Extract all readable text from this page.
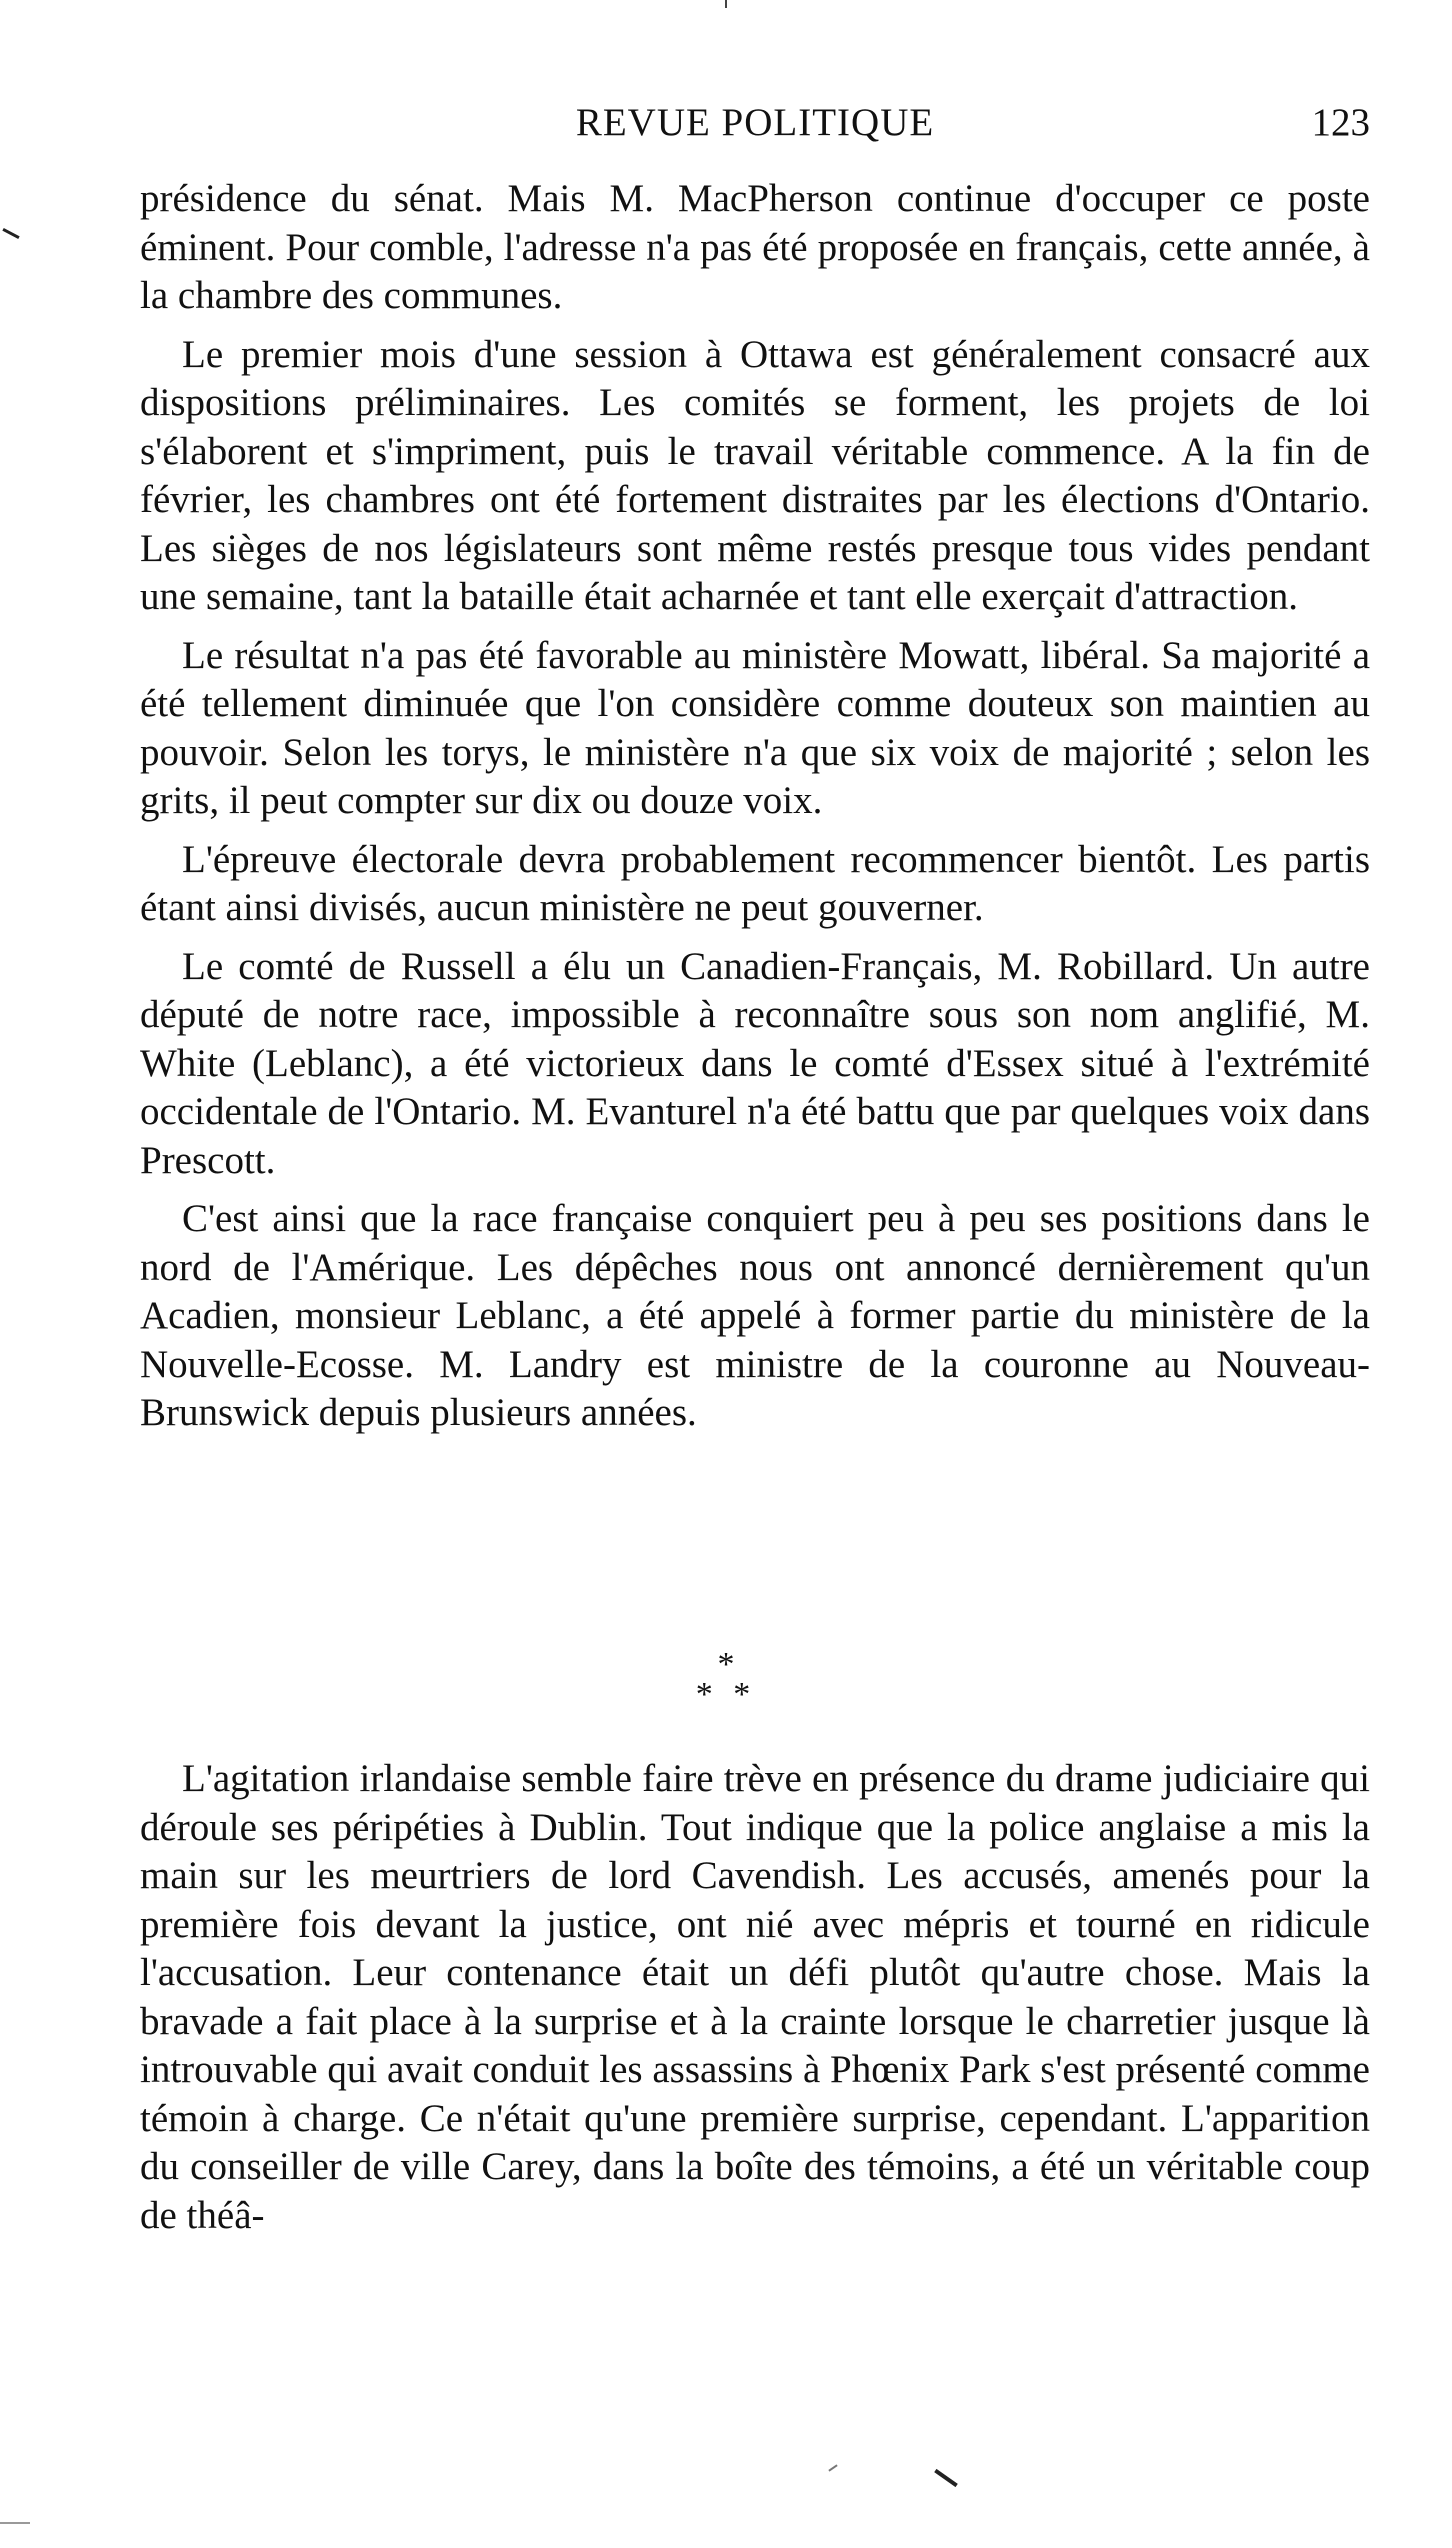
REVUE POLITIQUE	123

présidence du sénat. Mais M. MacPherson continue d'occuper ce poste éminent. Pour comble, l'adresse n'a pas été proposée en français, cette année, à la chambre des communes.

Le premier mois d'une session à Ottawa est généralement consacré aux dispositions préliminaires. Les comités se forment, les projets de loi s'élaborent et s'impriment, puis le travail véritable commence. A la fin de février, les chambres ont été fortement distraites par les élections d'Ontario. Les sièges de nos législateurs sont même restés presque tous vides pendant une semaine, tant la bataille était acharnée et tant elle exerçait d'attraction.

Le résultat n'a pas été favorable au ministère Mowatt, libéral. Sa majorité a été tellement diminuée que l'on considère comme douteux son maintien au pouvoir. Selon les torys, le ministère n'a que six voix de majorité ; selon les grits, il peut compter sur dix ou douze voix.

L'épreuve électorale devra probablement recommencer bientôt. Les partis étant ainsi divisés, aucun ministère ne peut gouverner.

Le comté de Russell a élu un Canadien-Français, M. Robillard. Un autre député de notre race, impossible à reconnaître sous son nom anglifié, M. White (Leblanc), a été victorieux dans le comté d'Essex situé à l'extrémité occidentale de l'Ontario. M. Evanturel n'a été battu que par quelques voix dans Prescott.

C'est ainsi que la race française conquiert peu à peu ses positions dans le nord de l'Amérique. Les dépêches nous ont annoncé dernièrement qu'un Acadien, monsieur Leblanc, a été appelé à former partie du ministère de la Nouvelle-Ecosse. M. Landry est ministre de la couronne au Nouveau-Brunswick depuis plusieurs années.

*
* *

L'agitation irlandaise semble faire trève en présence du drame judiciaire qui déroule ses péripéties à Dublin. Tout indique que la police anglaise a mis la main sur les meurtriers de lord Cavendish. Les accusés, amenés pour la première fois devant la justice, ont nié avec mépris et tourné en ridicule l'accusation. Leur contenance était un défi plutôt qu'autre chose. Mais la bravade a fait place à la surprise et à la crainte lorsque le charretier jusque là introuvable qui avait conduit les assassins à Phœnix Park s'est présenté comme témoin à charge. Ce n'était qu'une première surprise, cependant. L'apparition du conseiller de ville Carey, dans la boîte des témoins, a été un véritable coup de théâ-
